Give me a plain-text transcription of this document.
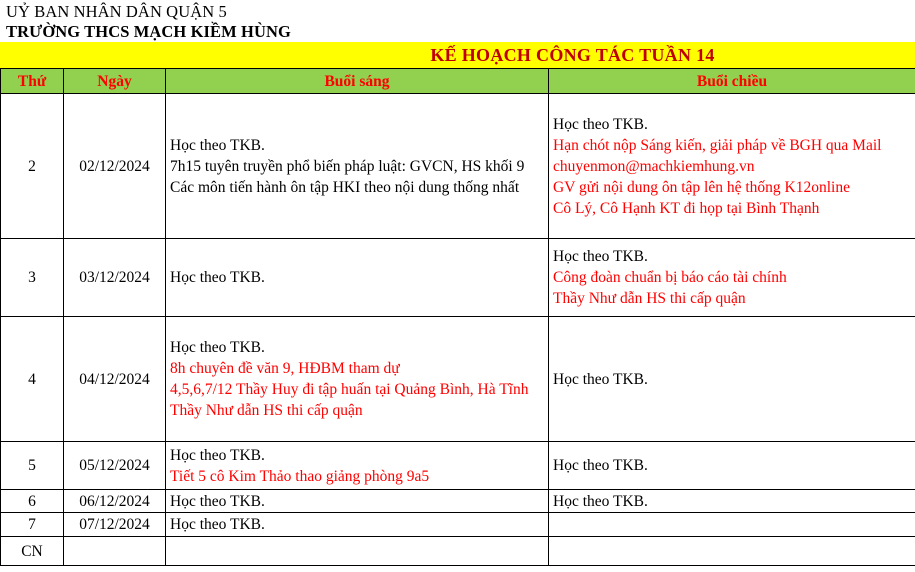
UỶ BAN NHÂN DÂN QUẬN 5
TRƯỜNG THCS MẠCH KIỀM HÙNG
KẾ HOẠCH CÔNG TÁC TUẦN 14
Thứ	Ngày	Buổi sáng	Buổi chiều
2	02/12/2024	Học theo TKB.
7h15 tuyên truyền phổ biến pháp luật: GVCN, HS khối 9
Các môn tiến hành ôn tập HKI theo nội dung thống nhất	Học theo TKB.
Hạn chót nộp Sáng kiến, giải pháp về BGH qua Mail chuyenmon@machkiemhung.vn
GV gửi nội dung ôn tập lên hệ thống K12online
Cô Lý, Cô Hạnh KT đi họp tại Bình Thạnh

3	03/12/2024	Học theo TKB.	Học theo TKB.
Công đoàn chuẩn bị báo cáo tài chính
Thầy Như dẫn HS thi cấp quận

4	04/12/2024	Học theo TKB.
8h chuyên đề văn 9, HĐBM tham dự
4,5,6,7/12 Thầy Huy đi tập huấn tại Quảng Bình, Hà Tĩnh
Thầy Như dẫn HS thi cấp quận	Học theo TKB.

5	05/12/2024	Học theo TKB.
Tiết 5 cô Kim Thảo thao giảng phòng 9a5	Học theo TKB.

6	06/12/2024	Học theo TKB.	Học theo TKB.

7	07/12/2024	Học theo TKB.	

CN			
